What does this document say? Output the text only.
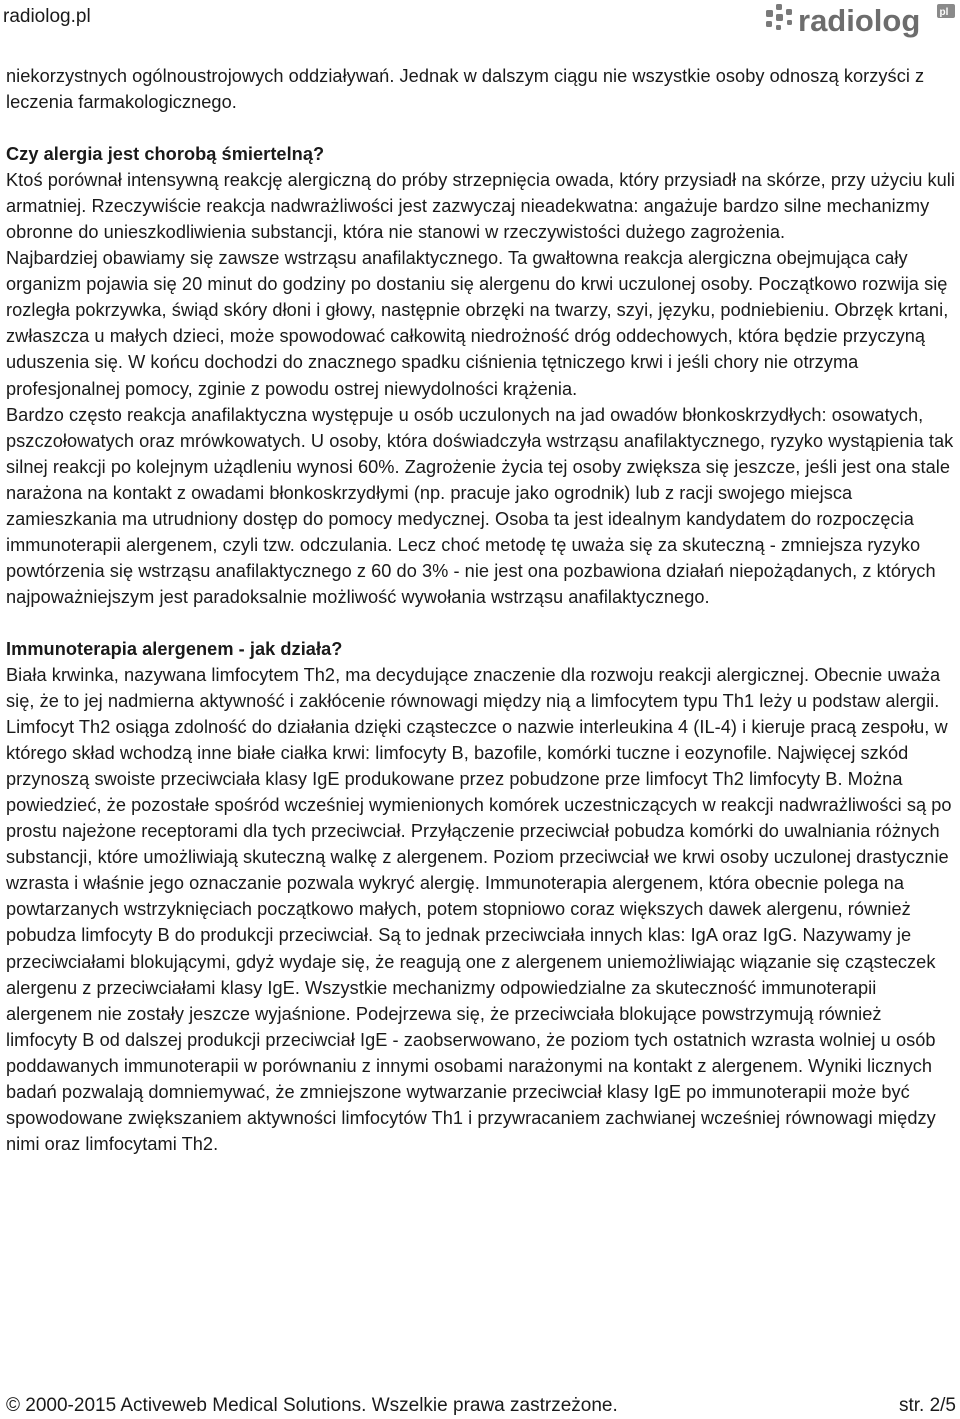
radiolog.pl	radiolog pl

niekorzystnych ogólnoustrojowych oddziaływań. Jednak w dalszym ciągu nie wszystkie osoby odnoszą korzyści z leczenia farmakologicznego.

Czy alergia jest chorobą śmiertelną?

Ktoś porównał intensywną reakcję alergiczną do próby strzepnięcia owada, który przysiadł na skórze, przy użyciu kuli armatniej. Rzeczywiście reakcja nadwrażliwości jest zazwyczaj nieadekwatna: angażuje bardzo silne mechanizmy obronne do unieszkodliwienia substancji, która nie stanowi w rzeczywistości dużego zagrożenia.

Najbardziej obawiamy się zawsze wstrząsu anafilaktycznego. Ta gwałtowna reakcja alergiczna obejmująca cały organizm pojawia się 20 minut do godziny po dostaniu się alergenu do krwi uczulonej osoby. Początkowo rozwija się rozległa pokrzywka, świąd skóry dłoni i głowy, następnie obrzęki na twarzy, szyi, języku, podniebieniu. Obrzęk krtani, zwłaszcza u małych dzieci, może spowodować całkowitą niedrożność dróg oddechowych, która będzie przyczyną uduszenia się. W końcu dochodzi do znacznego spadku ciśnienia tętniczego krwi i jeśli chory nie otrzyma profesjonalnej pomocy, zginie z powodu ostrej niewydolności krążenia.

Bardzo często reakcja anafilaktyczna występuje u osób uczulonych na jad owadów błonkoskrzydłych: osowatych, pszczołowatych oraz mrówkowatych. U osoby, która doświadczyła wstrząsu anafilaktycznego, ryzyko wystąpienia tak silnej reakcji po kolejnym użądleniu wynosi 60%. Zagrożenie życia tej osoby zwiększa się jeszcze, jeśli jest ona stale narażona na kontakt z owadami błonkoskrzydłymi (np. pracuje jako ogrodnik) lub z racji swojego miejsca zamieszkania ma utrudniony dostęp do pomocy medycznej. Osoba ta jest idealnym kandydatem do rozpoczęcia immunoterapii alergenem, czyli tzw. odczulania. Lecz choć metodę tę uważa się za skuteczną - zmniejsza ryzyko powtórzenia się wstrząsu anafilaktycznego z 60 do 3% - nie jest ona pozbawiona działań niepożądanych, z których najpoważniejszym jest paradoksalnie możliwość wywołania wstrząsu anafilaktycznego.

Immunoterapia alergenem - jak działa?

Biała krwinka, nazywana limfocytem Th2, ma decydujące znaczenie dla rozwoju reakcji alergicznej. Obecnie uważa się, że to jej nadmierna aktywność i zakłócenie równowagi między nią a limfocytem typu Th1 leży u podstaw alergii. Limfocyt Th2 osiąga zdolność do działania dzięki cząsteczce o nazwie interleukina 4 (IL-4) i kieruje pracą zespołu, w którego skład wchodzą inne białe ciałka krwi: limfocyty B, bazofile, komórki tuczne i eozynofile. Najwięcej szkód przynoszą swoiste przeciwciała klasy IgE produkowane przez pobudzone prze limfocyt Th2 limfocyty B. Można powiedzieć, że pozostałe spośród wcześniej wymienionych komórek uczestniczących w reakcji nadwrażliwości są po prostu najeżone receptorami dla tych przeciwciał. Przyłączenie przeciwciał pobudza komórki do uwalniania różnych substancji, które umożliwiają skuteczną walkę z alergenem. Poziom przeciwciał we krwi osoby uczulonej drastycznie wzrasta i właśnie jego oznaczanie pozwala wykryć alergię. Immunoterapia alergenem, która obecnie polega na powtarzanych wstrzyknięciach początkowo małych, potem stopniowo coraz większych dawek alergenu, również pobudza limfocyty B do produkcji przeciwciał. Są to jednak przeciwciała innych klas: IgA oraz IgG. Nazywamy je przeciwciałami blokującymi, gdyż wydaje się, że reagują one z alergenem uniemożliwiając wiązanie się cząsteczek alergenu z przeciwciałami klasy IgE. Wszystkie mechanizmy odpowiedzialne za skuteczność immunoterapii alergenem nie zostały jeszcze wyjaśnione. Podejrzewa się, że przeciwciała blokujące powstrzymują również limfocyty B od dalszej produkcji przeciwciał IgE - zaobserwowano, że poziom tych ostatnich wzrasta wolniej u osób poddawanych immunoterapii w porównaniu z innymi osobami narażonymi na kontakt z alergenem. Wyniki licznych badań pozwalają domniemywać, że zmniejszone wytwarzanie przeciwciał klasy IgE po immunoterapii może być spowodowane zwiększaniem aktywności limfocytów Th1 i przywracaniem zachwianej wcześniej równowagi między nimi oraz limfocytami Th2.

© 2000-2015 Activeweb Medical Solutions. Wszelkie prawa zastrzeżone.	str. 2/5
